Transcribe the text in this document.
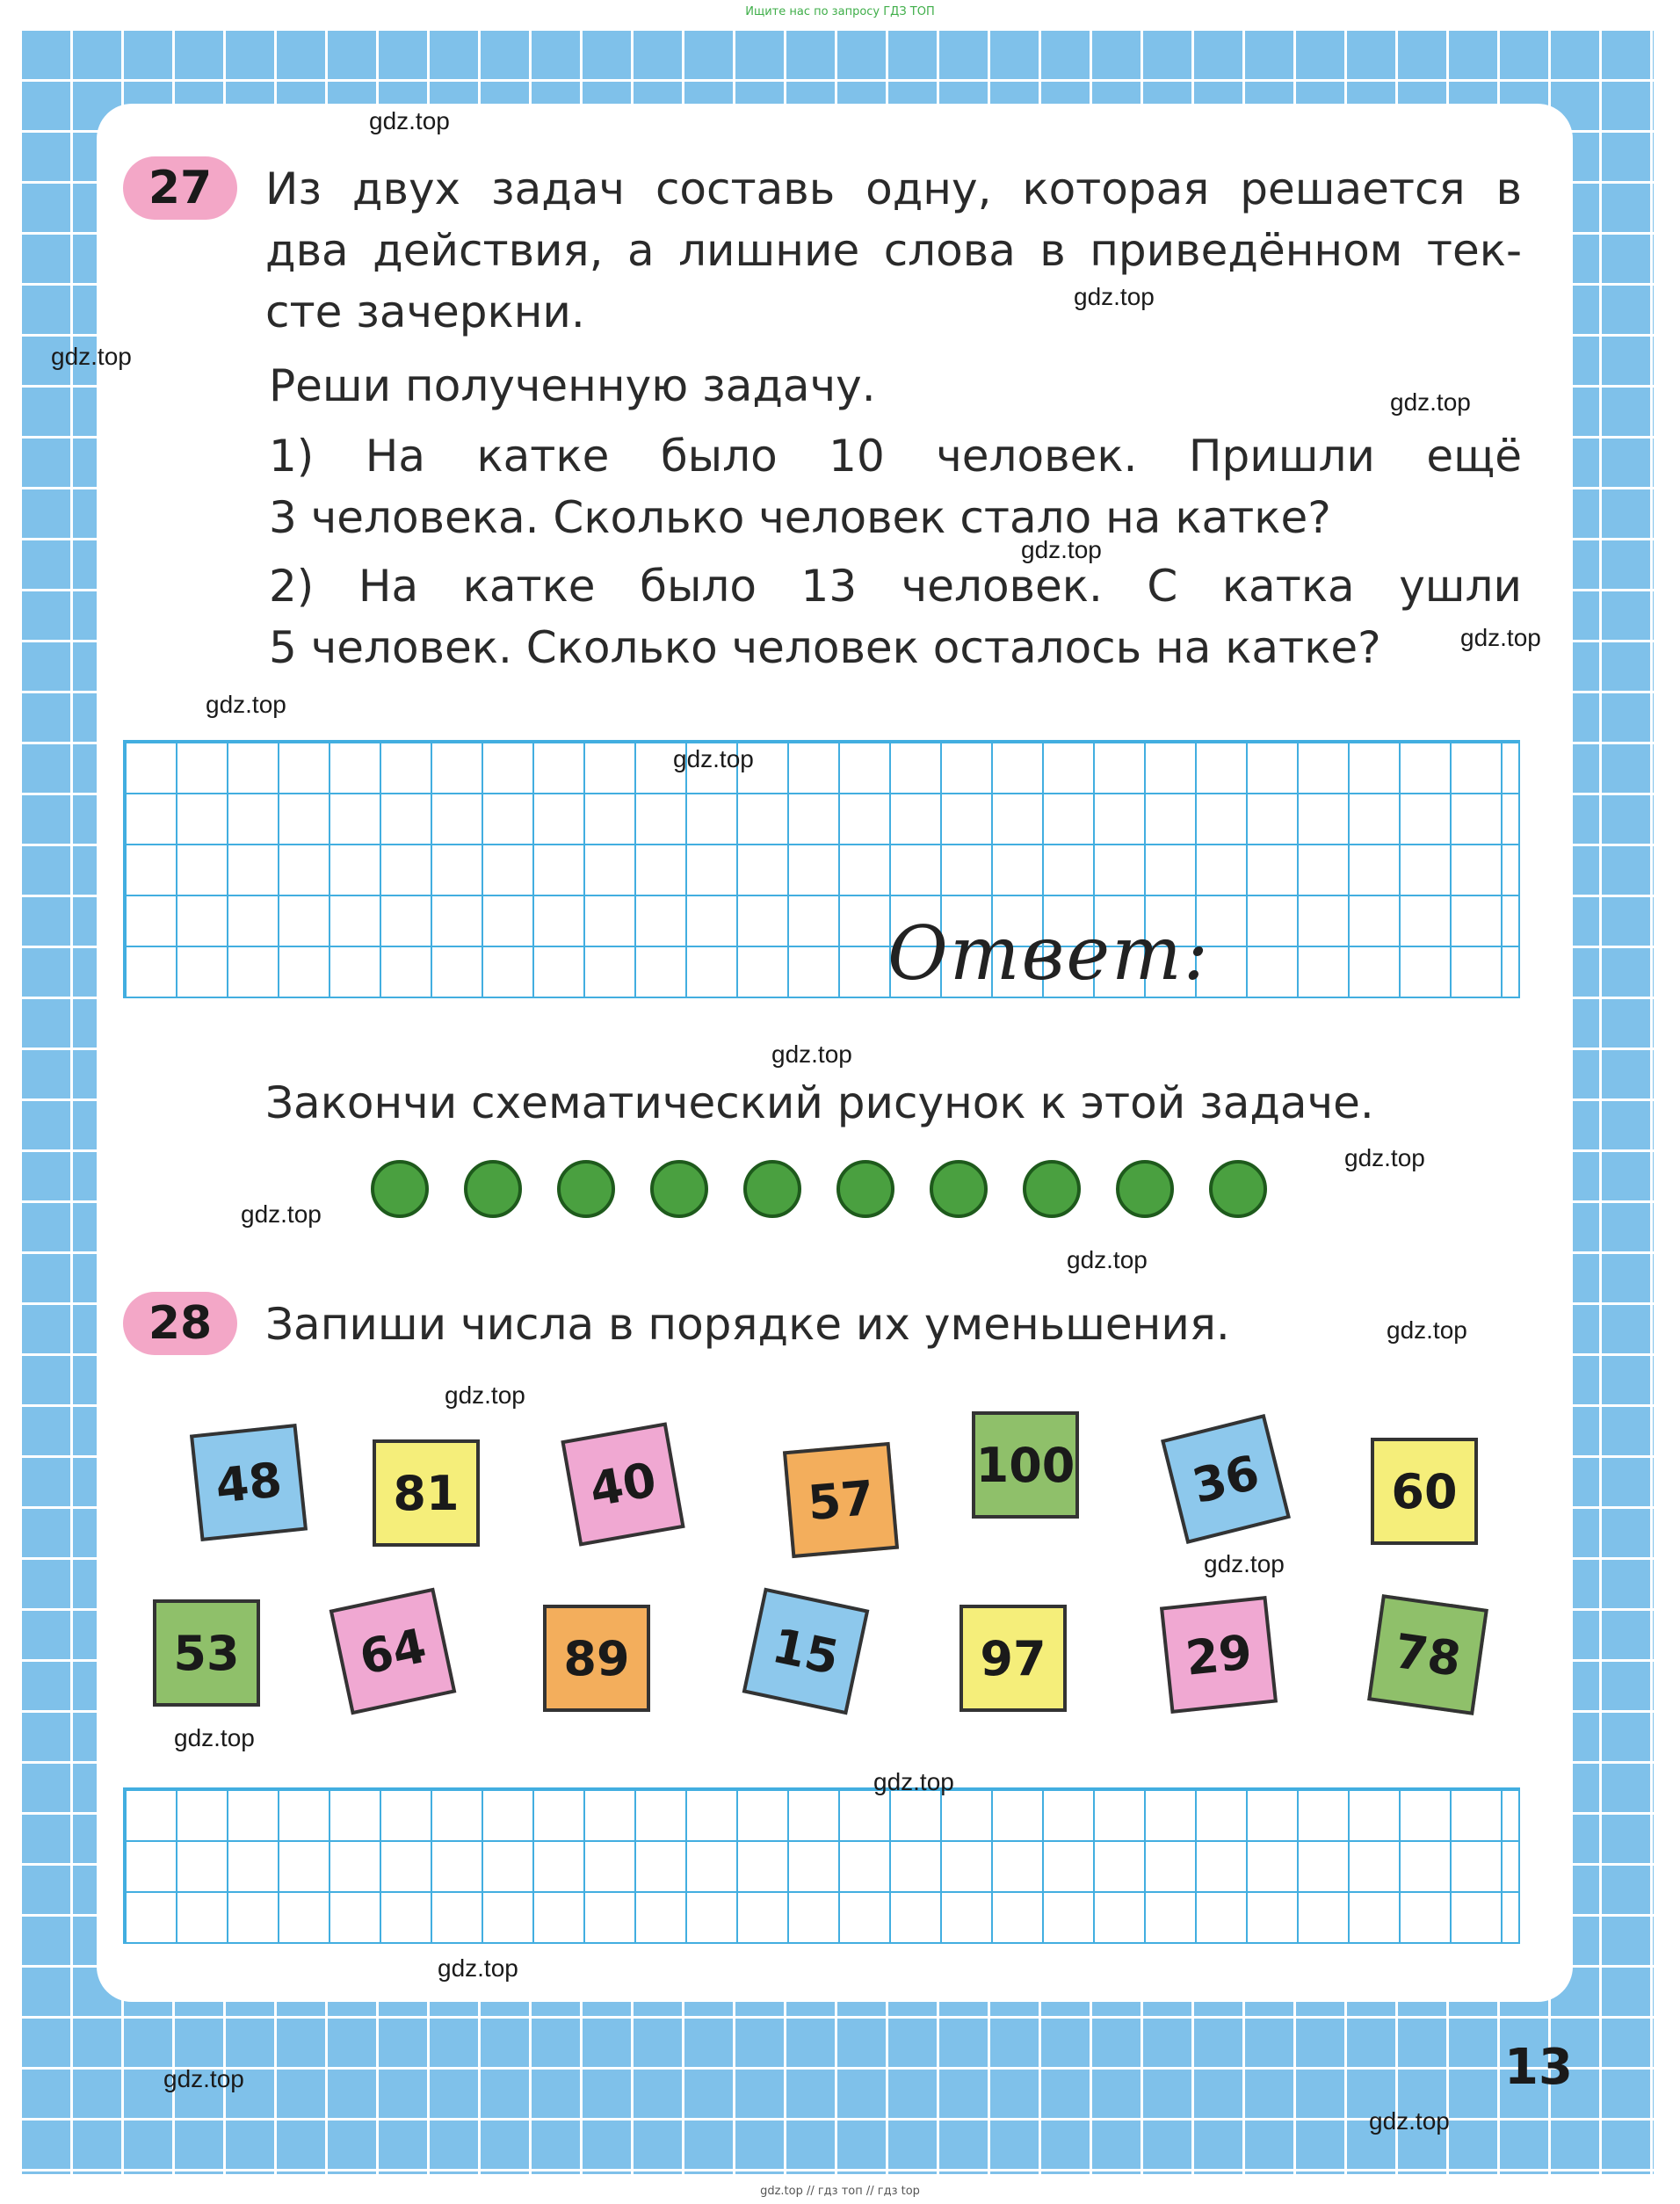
Ищите нас по запросу ГДЗ ТОП
27	Из двух задач составь одну, которая решается в
два действия, а лишние слова в приведённом тек-
сте зачеркни.
Реши полученную задачу.
1) На катке было 10 человек. Пришли ещё
3 человека. Сколько человек стало на катке?
2) На катке было 13 человек. С катка ушли
5 человек. Сколько человек осталось на катке?
Ответ:
Закончи схематический рисунок к этой задаче.
28	Запиши числа в порядке их уменьшения.
48	81	40	57
100	36	60
53	64	89	15	97	29	78
13
gdz.top
gdz.top
gdz.top
gdz.top
gdz.top
gdz.top
gdz.top
gdz.top
gdz.top
gdz.top
gdz.top
gdz.top
gdz.top
gdz.top
gdz.top
gdz.top
gdz.top
gdz.top
gdz.top
gdz.top
gdz.top // гдз топ // гдз top
